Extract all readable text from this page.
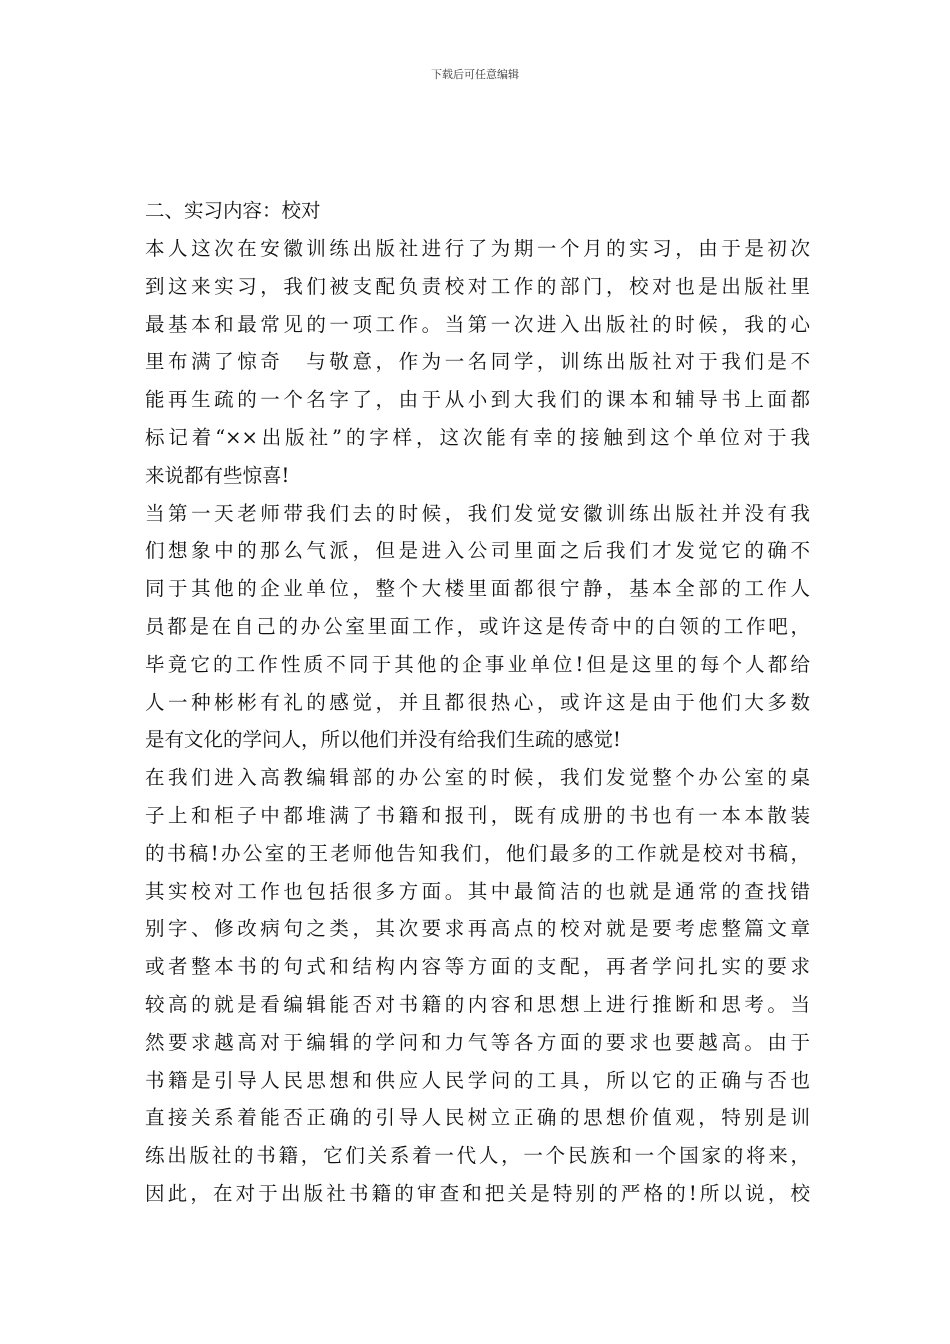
下载后可任意编辑
二、实习内容：校对
本人这次在安徽训练出版社进行了为期一个月的实习，由于是初次
到这来实习，我们被支配负责校对工作的部门，校对也是出版社里
最基本和最常见的一项工作。当第一次进入出版社的时候，我的心
里布满了惊奇　与敬意，作为一名同学，训练出版社对于我们是不
能再生疏的一个名字了，由于从小到大我们的课本和辅导书上面都
标记着“××出版社”的字样，这次能有幸的接触到这个单位对于我
来说都有些惊喜!
当第一天老师带我们去的时候，我们发觉安徽训练出版社并没有我
们想象中的那么气派，但是进入公司里面之后我们才发觉它的确不
同于其他的企业单位，整个大楼里面都很宁静，基本全部的工作人
员都是在自己的办公室里面工作，或许这是传奇中的白领的工作吧，
毕竟它的工作性质不同于其他的企事业单位!但是这里的每个人都给
人一种彬彬有礼的感觉，并且都很热心，或许这是由于他们大多数
是有文化的学问人，所以他们并没有给我们生疏的感觉!
在我们进入高教编辑部的办公室的时候，我们发觉整个办公室的桌
子上和柜子中都堆满了书籍和报刊，既有成册的书也有一本本散装
的书稿!办公室的王老师他告知我们，他们最多的工作就是校对书稿，
其实校对工作也包括很多方面。其中最简洁的也就是通常的查找错
别字、修改病句之类，其次要求再高点的校对就是要考虑整篇文章
或者整本书的句式和结构内容等方面的支配，再者学问扎实的要求
较高的就是看编辑能否对书籍的内容和思想上进行推断和思考。当
然要求越高对于编辑的学问和力气等各方面的要求也要越高。由于
书籍是引导人民思想和供应人民学问的工具，所以它的正确与否也
直接关系着能否正确的引导人民树立正确的思想价值观，特别是训
练出版社的书籍，它们关系着一代人，一个民族和一个国家的将来，
因此，在对于出版社书籍的审查和把关是特别的严格的!所以说，校
